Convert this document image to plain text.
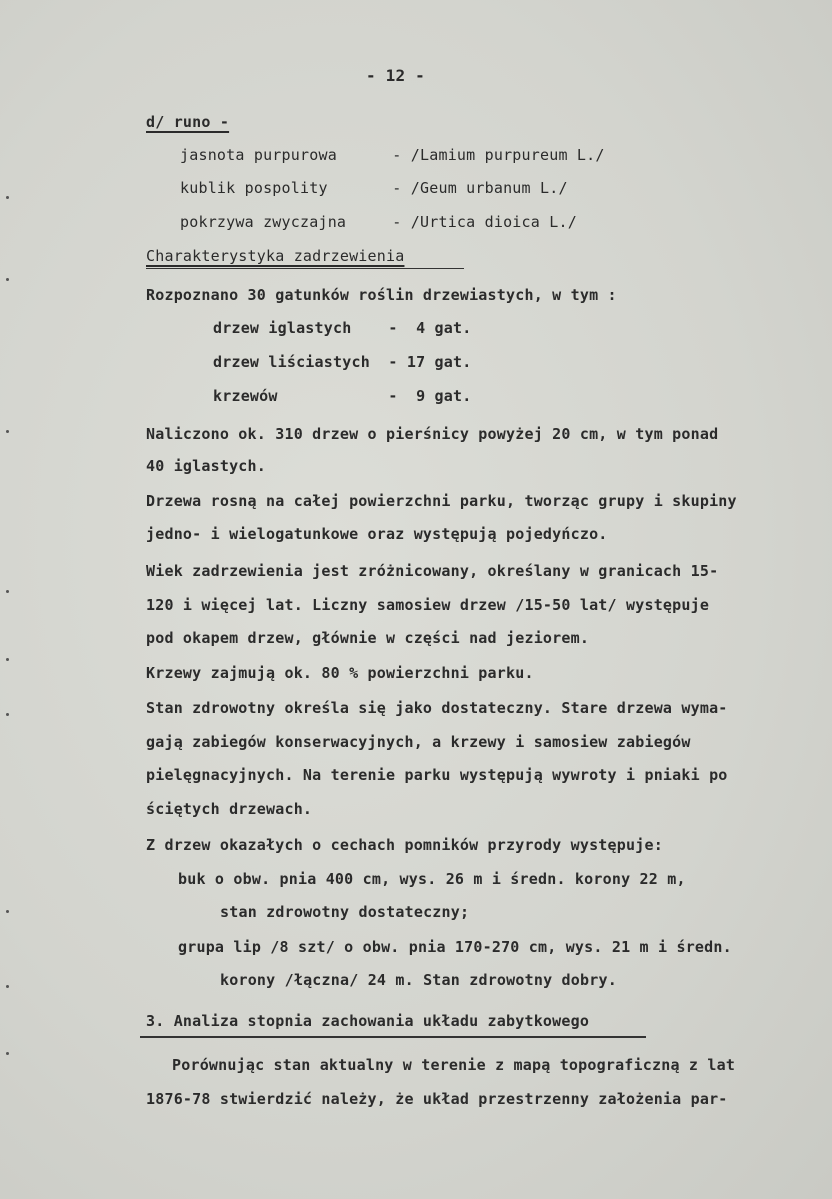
- 12 -
d/ runo -
jasnota purpurowa      - /Lamium purpureum L./
kublik pospolity       - /Geum urbanum L./
pokrzywa zwyczajna     - /Urtica dioica L./
Charakterystyka zadrzewienia
Rozpoznano 30 gatunków roślin drzewiastych, w tym :
drzew iglastych    -  4 gat.
drzew liściastych  - 17 gat.
krzewów            -  9 gat.
Naliczono ok. 310 drzew o pierśnicy powyżej 20 cm, w tym ponad
40 iglastych.
Drzewa rosną na całej powierzchni parku, tworząc grupy i skupiny
jedno- i wielogatunkowe oraz występują pojedyńczo.
Wiek zadrzewienia jest zróżnicowany, określany w granicach 15-
120 i więcej lat. Liczny samosiew drzew /15-50 lat/ występuje
pod okapem drzew, głównie w części nad jeziorem.
Krzewy zajmują ok. 80 % powierzchni parku.
Stan zdrowotny określa się jako dostateczny. Stare drzewa wyma-
gają zabiegów konserwacyjnych, a krzewy i samosiew zabiegów
pielęgnacyjnych. Na terenie parku występują wywroty i pniaki po
ściętych drzewach.
Z drzew okazałych o cechach pomników przyrody występuje:
buk o obw. pnia 400 cm, wys. 26 m i średn. korony 22 m,
stan zdrowotny dostateczny;
grupa lip /8 szt/ o obw. pnia 170-270 cm, wys. 21 m i średn.
korony /łączna/ 24 m. Stan zdrowotny dobry.
3. Analiza stopnia zachowania układu zabytkowego
Porównując stan aktualny w terenie z mapą topograficzną z lat
1876-78 stwierdzić należy, że układ przestrzenny założenia par-
